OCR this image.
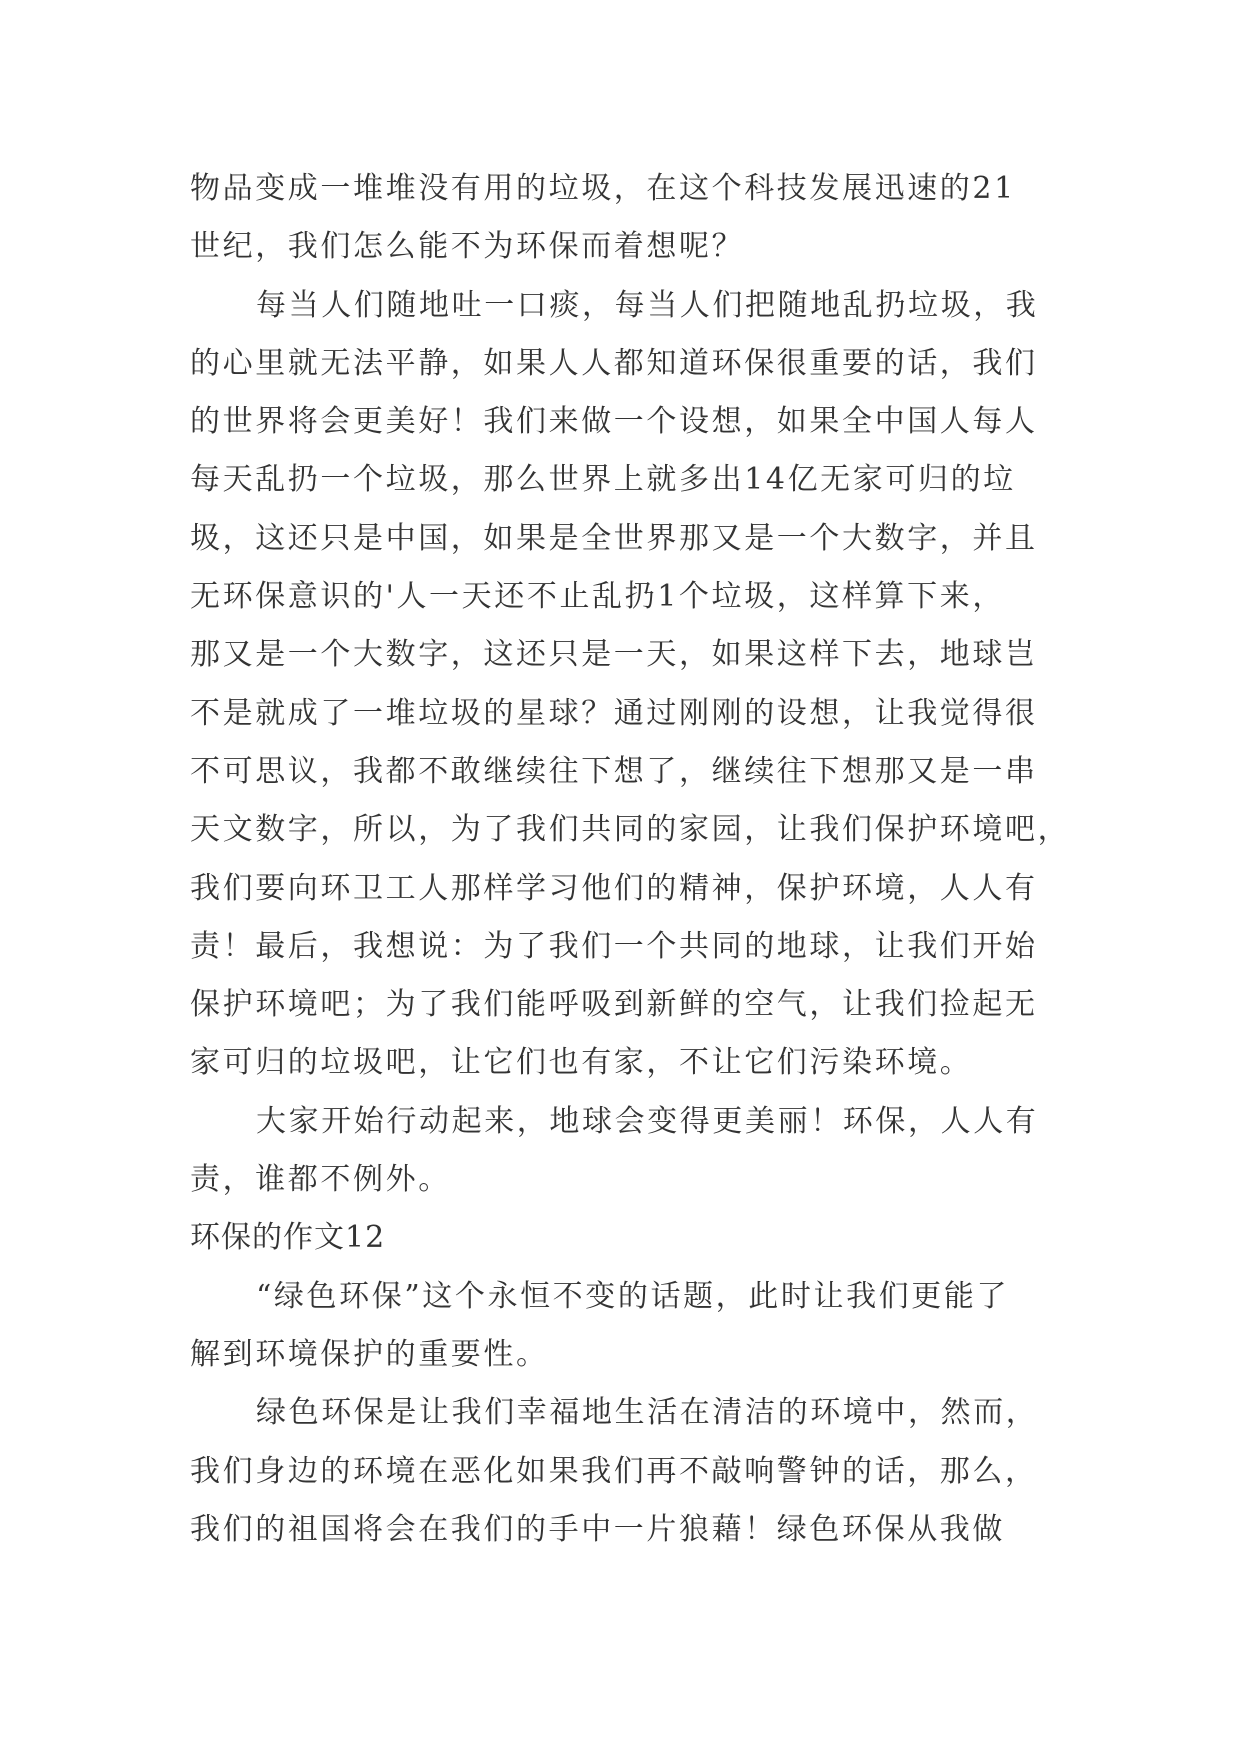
物品变成一堆堆没有用的垃圾，在这个科技发展迅速的21
世纪，我们怎么能不为环保而着想呢？
每当人们随地吐一口痰，每当人们把随地乱扔垃圾，我
的心里就无法平静，如果人人都知道环保很重要的话，我们
的世界将会更美好！我们来做一个设想，如果全中国人每人
每天乱扔一个垃圾，那么世界上就多出14亿无家可归的垃
圾，这还只是中国，如果是全世界那又是一个大数字，并且
无环保意识的'人一天还不止乱扔1个垃圾，这样算下来，
那又是一个大数字，这还只是一天，如果这样下去，地球岂
不是就成了一堆垃圾的星球？通过刚刚的设想，让我觉得很
不可思议，我都不敢继续往下想了，继续往下想那又是一串
天文数字，所以，为了我们共同的家园，让我们保护环境吧，
我们要向环卫工人那样学习他们的精神，保护环境，人人有
责！最后，我想说：为了我们一个共同的地球，让我们开始
保护环境吧；为了我们能呼吸到新鲜的空气，让我们捡起无
家可归的垃圾吧，让它们也有家，不让它们污染环境。
大家开始行动起来，地球会变得更美丽！环保，人人有
责，谁都不例外。
环保的作文12
“绿色环保”这个永恒不变的话题，此时让我们更能了
解到环境保护的重要性。
绿色环保是让我们幸福地生活在清洁的环境中，然而，
我们身边的环境在恶化如果我们再不敲响警钟的话，那么，
我们的祖国将会在我们的手中一片狼藉！绿色环保从我做
